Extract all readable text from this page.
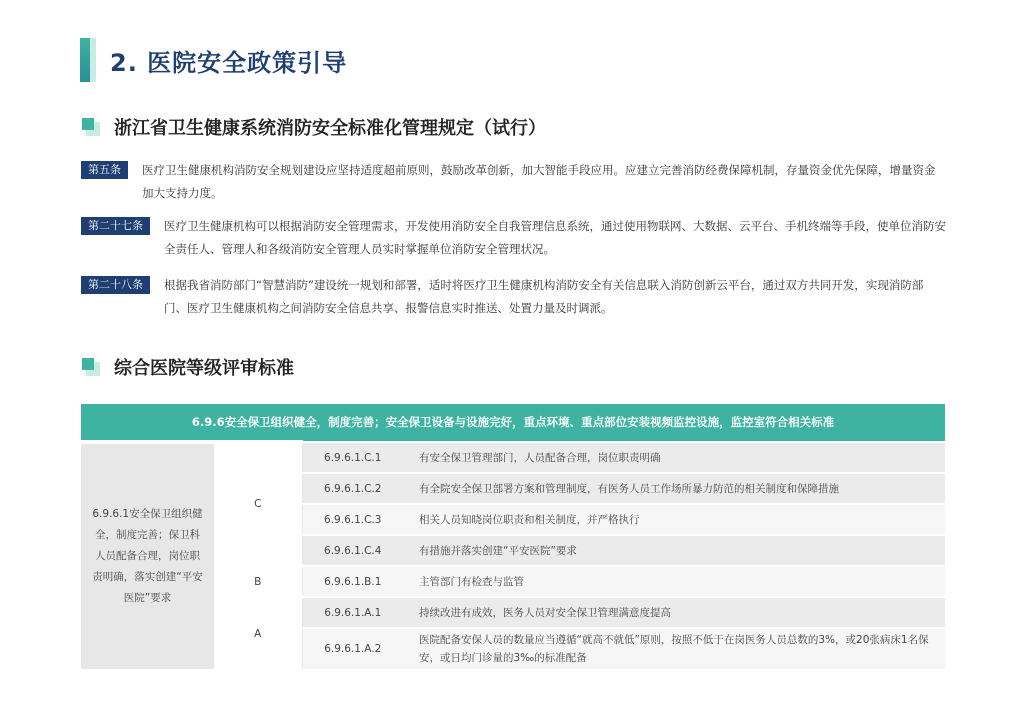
2. 医院安全政策引导
浙江省卫生健康系统消防安全标准化管理规定（试行）
第五条	医疗卫生健康机构消防安全规划建设应坚持适度超前原则，鼓励改革创新，加大智能手段应用。应建立完善消防经费保障机制，存量资金优先保障，增量资金加大支持力度。
第二十七条	医疗卫生健康机构可以根据消防安全管理需求，开发使用消防安全自我管理信息系统，通过使用物联网、大数据、云平台、手机终端等手段，使单位消防安全责任人、管理人和各级消防安全管理人员实时掌握单位消防安全管理状况。
第二十八条	根据我省消防部门“智慧消防”建设统一规划和部署，适时将医疗卫生健康机构消防安全有关信息联入消防创新云平台，通过双方共同开发，实现消防部门、医疗卫生健康机构之间消防安全信息共享、报警信息实时推送、处置力量及时调派。
综合医院等级评审标准
6.9.6安全保卫组织健全，制度完善；安全保卫设备与设施完好，重点环境、重点部位安装视频监控设施，监控室符合相关标准			
6.9.6.1安全保卫组织健全，制度完善；保卫科人员配备合理，岗位职责明确，落实创建“平安医院”要求	C	6.9.6.1.C.1	有安全保卫管理部门，人员配备合理，岗位职责明确
		6.9.6.1.C.2	有全院安全保卫部署方案和管理制度，有医务人员工作场所暴力防范的相关制度和保障措施
		6.9.6.1.C.3	相关人员知晓岗位职责和相关制度，并严格执行
		6.9.6.1.C.4	有措施并落实创建“平安医院”要求
	B	6.9.6.1.B.1	主管部门有检查与监管
	A	6.9.6.1.A.1	持续改进有成效，医务人员对安全保卫管理满意度提高
		6.9.6.1.A.2	医院配备安保人员的数量应当遵循“就高不就低”原则，按照不低于在岗医务人员总数的3%，或20张病床1名保安，或日均门诊量的3‰的标准配备
